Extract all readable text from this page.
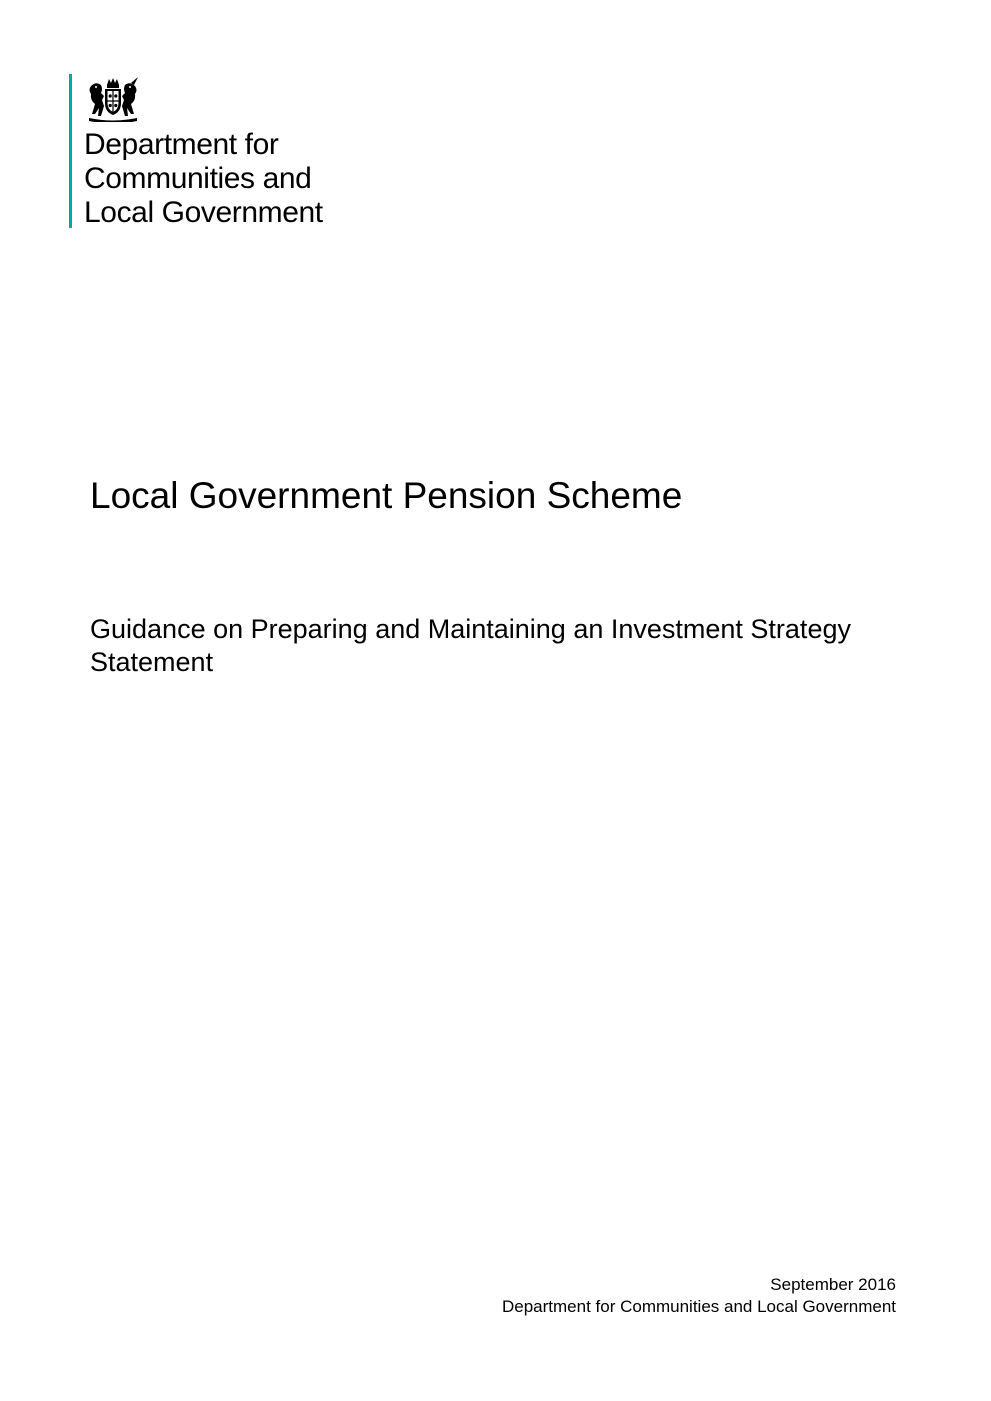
Department for
Communities and
Local Government
Local Government Pension Scheme
Guidance on Preparing and Maintaining an Investment Strategy Statement
September 2016
Department for Communities and Local Government
